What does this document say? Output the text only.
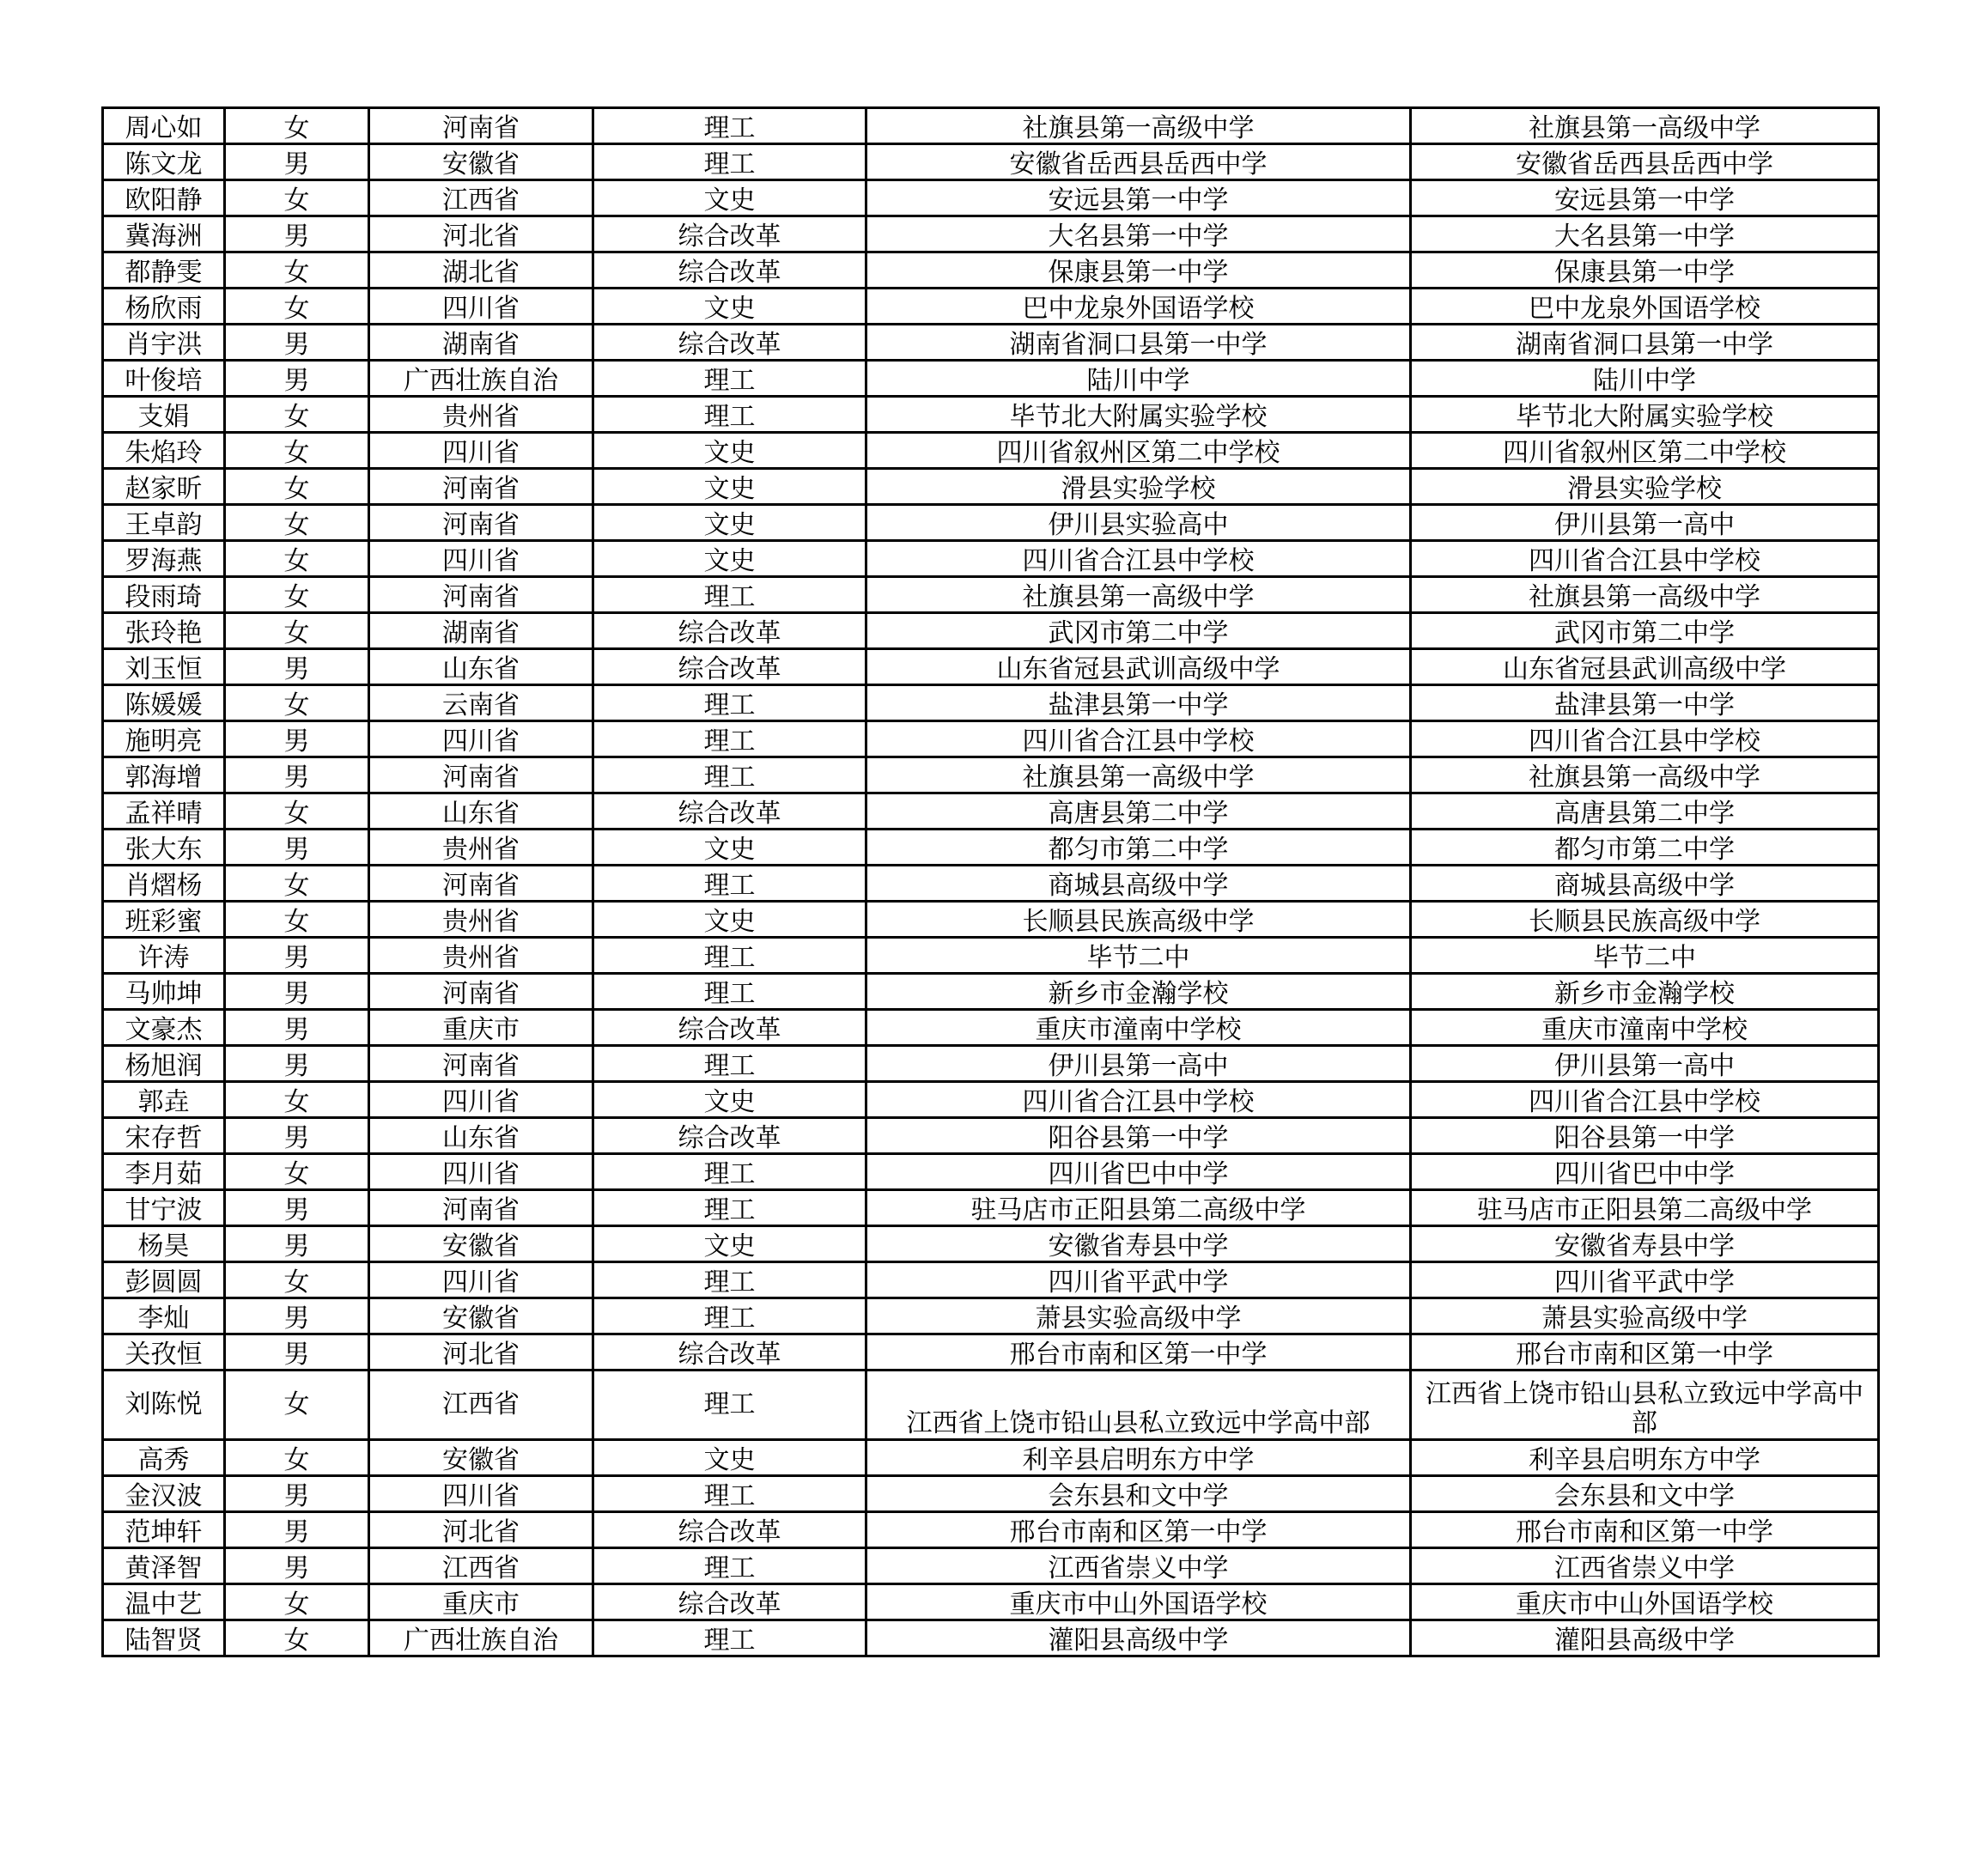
周心如	女	河南省	理工	社旗县第一高级中学	社旗县第一高级中学
陈文龙	男	安徽省	理工	安徽省岳西县岳西中学	安徽省岳西县岳西中学
欧阳静	女	江西省	文史	安远县第一中学	安远县第一中学
冀海洲	男	河北省	综合改革	大名县第一中学	大名县第一中学
都静雯	女	湖北省	综合改革	保康县第一中学	保康县第一中学
杨欣雨	女	四川省	文史	巴中龙泉外国语学校	巴中龙泉外国语学校
肖宇洪	男	湖南省	综合改革	湖南省洞口县第一中学	湖南省洞口县第一中学
叶俊培	男	广西壮族自治	理工	陆川中学	陆川中学
支娟	女	贵州省	理工	毕节北大附属实验学校	毕节北大附属实验学校
朱焰玲	女	四川省	文史	四川省叙州区第二中学校	四川省叙州区第二中学校
赵家昕	女	河南省	文史	滑县实验学校	滑县实验学校
王卓韵	女	河南省	文史	伊川县实验高中	伊川县第一高中
罗海燕	女	四川省	文史	四川省合江县中学校	四川省合江县中学校
段雨琦	女	河南省	理工	社旗县第一高级中学	社旗县第一高级中学
张玲艳	女	湖南省	综合改革	武冈市第二中学	武冈市第二中学
刘玉恒	男	山东省	综合改革	山东省冠县武训高级中学	山东省冠县武训高级中学
陈媛媛	女	云南省	理工	盐津县第一中学	盐津县第一中学
施明亮	男	四川省	理工	四川省合江县中学校	四川省合江县中学校
郭海增	男	河南省	理工	社旗县第一高级中学	社旗县第一高级中学
孟祥晴	女	山东省	综合改革	高唐县第二中学	高唐县第二中学
张大东	男	贵州省	文史	都匀市第二中学	都匀市第二中学
肖熠杨	女	河南省	理工	商城县高级中学	商城县高级中学
班彩蜜	女	贵州省	文史	长顺县民族高级中学	长顺县民族高级中学
许涛	男	贵州省	理工	毕节二中	毕节二中
马帅坤	男	河南省	理工	新乡市金瀚学校	新乡市金瀚学校
文豪杰	男	重庆市	综合改革	重庆市潼南中学校	重庆市潼南中学校
杨旭润	男	河南省	理工	伊川县第一高中	伊川县第一高中
郭垚	女	四川省	文史	四川省合江县中学校	四川省合江县中学校
宋存哲	男	山东省	综合改革	阳谷县第一中学	阳谷县第一中学
李月茹	女	四川省	理工	四川省巴中中学	四川省巴中中学
甘宁波	男	河南省	理工	驻马店市正阳县第二高级中学	驻马店市正阳县第二高级中学
杨昊	男	安徽省	文史	安徽省寿县中学	安徽省寿县中学
彭圆圆	女	四川省	理工	四川省平武中学	四川省平武中学
李灿	男	安徽省	理工	萧县实验高级中学	萧县实验高级中学
关孜恒	男	河北省	综合改革	邢台市南和区第一中学	邢台市南和区第一中学
刘陈悦	女	江西省	理工	江西省上饶市铅山县私立致远中学高中部	江西省上饶市铅山县私立致远中学高中部
高秀	女	安徽省	文史	利辛县启明东方中学	利辛县启明东方中学
金汉波	男	四川省	理工	会东县和文中学	会东县和文中学
范坤轩	男	河北省	综合改革	邢台市南和区第一中学	邢台市南和区第一中学
黄泽智	男	江西省	理工	江西省崇义中学	江西省崇义中学
温中艺	女	重庆市	综合改革	重庆市中山外国语学校	重庆市中山外国语学校
陆智贤	女	广西壮族自治	理工	灌阳县高级中学	灌阳县高级中学
